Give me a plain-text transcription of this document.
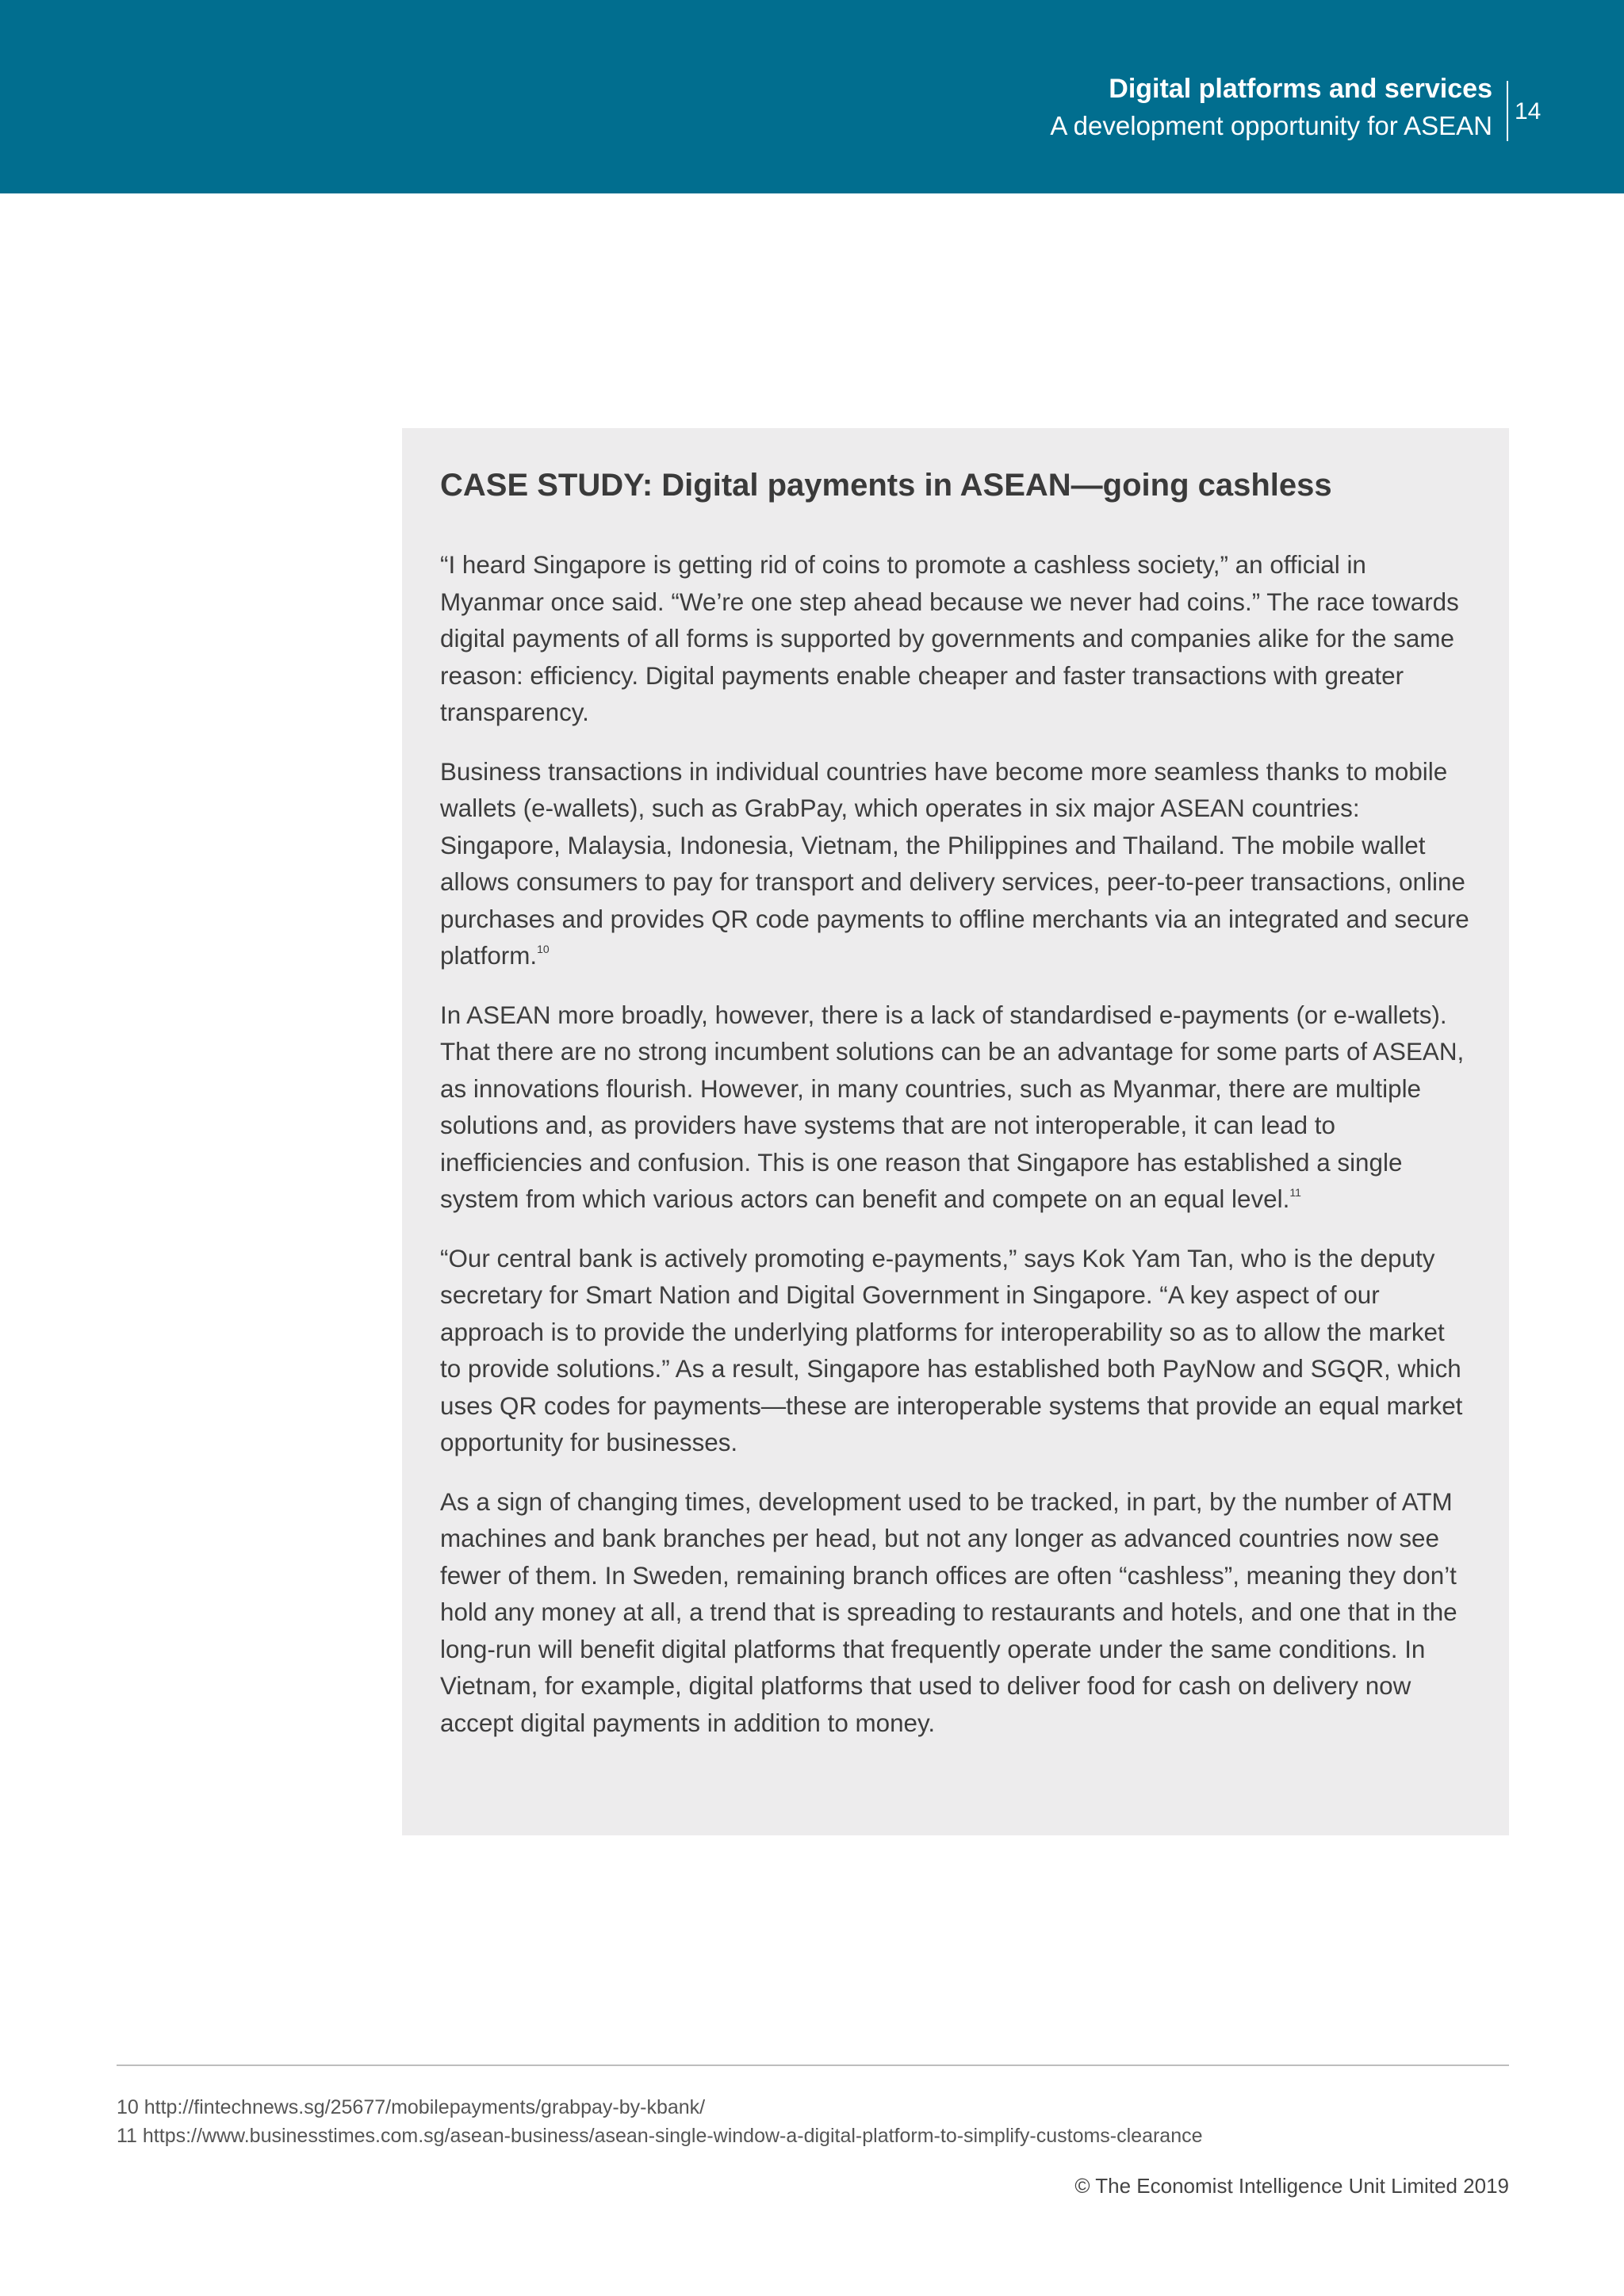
Digital platforms and services
A development opportunity for ASEAN 14
CASE STUDY: Digital payments in ASEAN—going cashless

“I heard Singapore is getting rid of coins to promote a cashless society,” an official in Myanmar once said. “We’re one step ahead because we never had coins.” The race towards digital payments of all forms is supported by governments and companies alike for the same reason: efficiency. Digital payments enable cheaper and faster transactions with greater transparency.

Business transactions in individual countries have become more seamless thanks to mobile wallets (e-wallets), such as GrabPay, which operates in six major ASEAN countries: Singapore, Malaysia, Indonesia, Vietnam, the Philippines and Thailand. The mobile wallet allows consumers to pay for transport and delivery services, peer-to-peer transactions, online purchases and provides QR code payments to offline merchants via an integrated and secure platform.$^{10}$

In ASEAN more broadly, however, there is a lack of standardised e-payments (or e-wallets). That there are no strong incumbent solutions can be an advantage for some parts of ASEAN, as innovations flourish. However, in many countries, such as Myanmar, there are multiple solutions and, as providers have systems that are not interoperable, it can lead to inefficiencies and confusion. This is one reason that Singapore has established a single system from which various actors can benefit and compete on an equal level.$^{11}$

“Our central bank is actively promoting e-payments,” says Kok Yam Tan, who is the deputy secretary for Smart Nation and Digital Government in Singapore. “A key aspect of our approach is to provide the underlying platforms for interoperability so as to allow the market to provide solutions.” As a result, Singapore has established both PayNow and SGQR, which uses QR codes for payments—these are interoperable systems that provide an equal market opportunity for businesses.

As a sign of changing times, development used to be tracked, in part, by the number of ATM machines and bank branches per head, but not any longer as advanced countries now see fewer of them. In Sweden, remaining branch offices are often “cashless”, meaning they don’t hold any money at all, a trend that is spreading to restaurants and hotels, and one that in the long-run will benefit digital platforms that frequently operate under the same conditions. In Vietnam, for example, digital platforms that used to deliver food for cash on delivery now accept digital payments in addition to money.

10 http://fintechnews.sg/25677/mobilepayments/grabpay-by-kbank/
11 https://www.businesstimes.com.sg/asean-business/asean-single-window-a-digital-platform-to-simplify-customs-clearance
© The Economist Intelligence Unit Limited 2019
